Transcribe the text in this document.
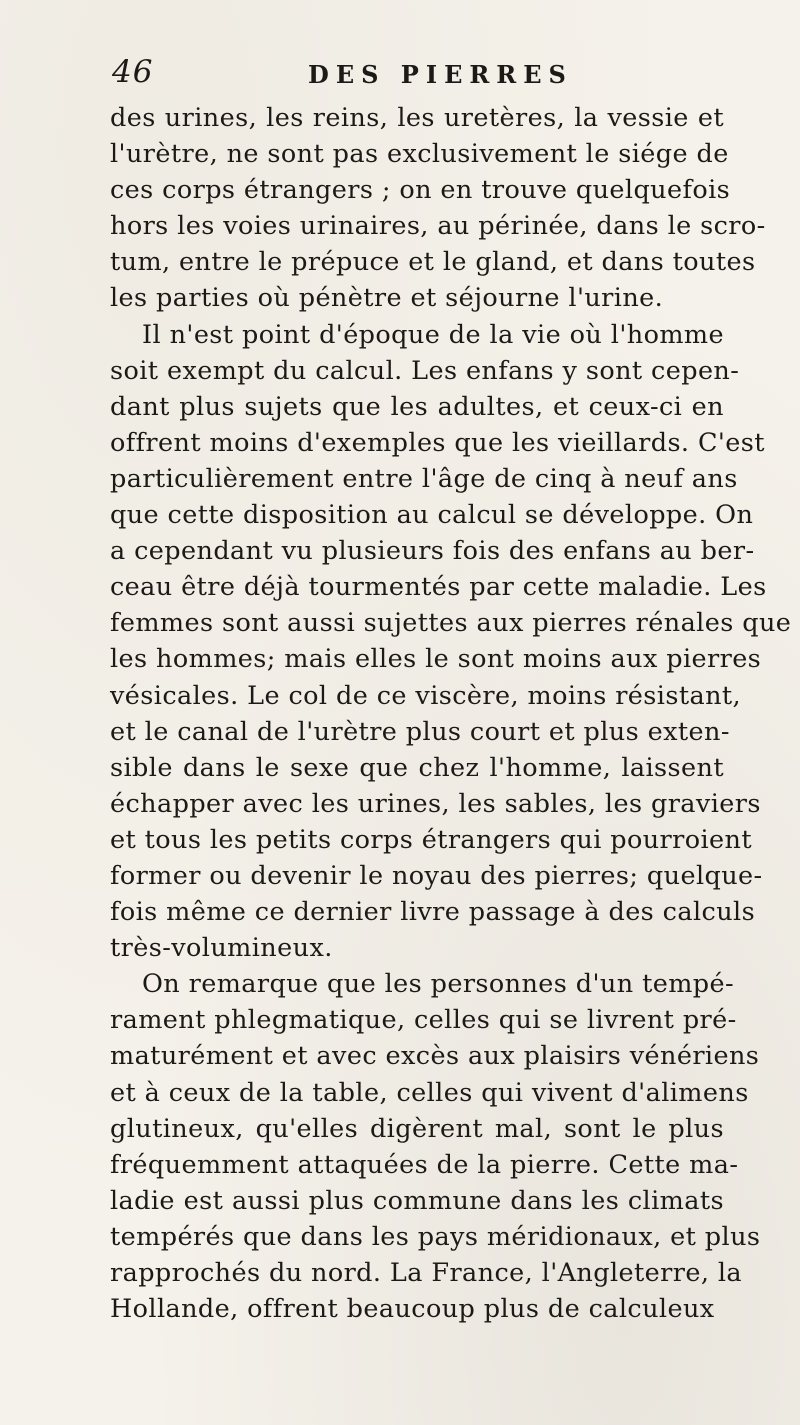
46	DES PIERRES
des urines, les reins, les uretères, la vessie et
l'urètre, ne sont pas exclusivement le siége de
ces corps étrangers ; on en trouve quelquefois
hors les voies urinaires, au périnée, dans le scro-
tum, entre le prépuce et le gland, et dans toutes
les parties où pénètre et séjourne l'urine.
Il n'est point d'époque de la vie où l'homme
soit exempt du calcul. Les enfans y sont cepen-
dant plus sujets que les adultes, et ceux-ci en
offrent moins d'exemples que les vieillards. C'est
particulièrement entre l'âge de cinq à neuf ans
que cette disposition au calcul se développe. On
a cependant vu plusieurs fois des enfans au ber-
ceau être déjà tourmentés par cette maladie. Les
femmes sont aussi sujettes aux pierres rénales que
les hommes; mais elles le sont moins aux pierres
vésicales. Le col de ce viscère, moins résistant,
et le canal de l'urètre plus court et plus exten-
sible dans le sexe que chez l'homme, laissent
échapper avec les urines, les sables, les graviers
et tous les petits corps étrangers qui pourroient
former ou devenir le noyau des pierres; quelque-
fois même ce dernier livre passage à des calculs
très-volumineux.
On remarque que les personnes d'un tempé-
rament phlegmatique, celles qui se livrent pré-
maturément et avec excès aux plaisirs vénériens
et à ceux de la table, celles qui vivent d'alimens
glutineux, qu'elles digèrent mal, sont le plus
fréquemment attaquées de la pierre. Cette ma-
ladie est aussi plus commune dans les climats
tempérés que dans les pays méridionaux, et plus
rapprochés du nord. La France, l'Angleterre, la
Hollande, offrent beaucoup plus de calculeux
